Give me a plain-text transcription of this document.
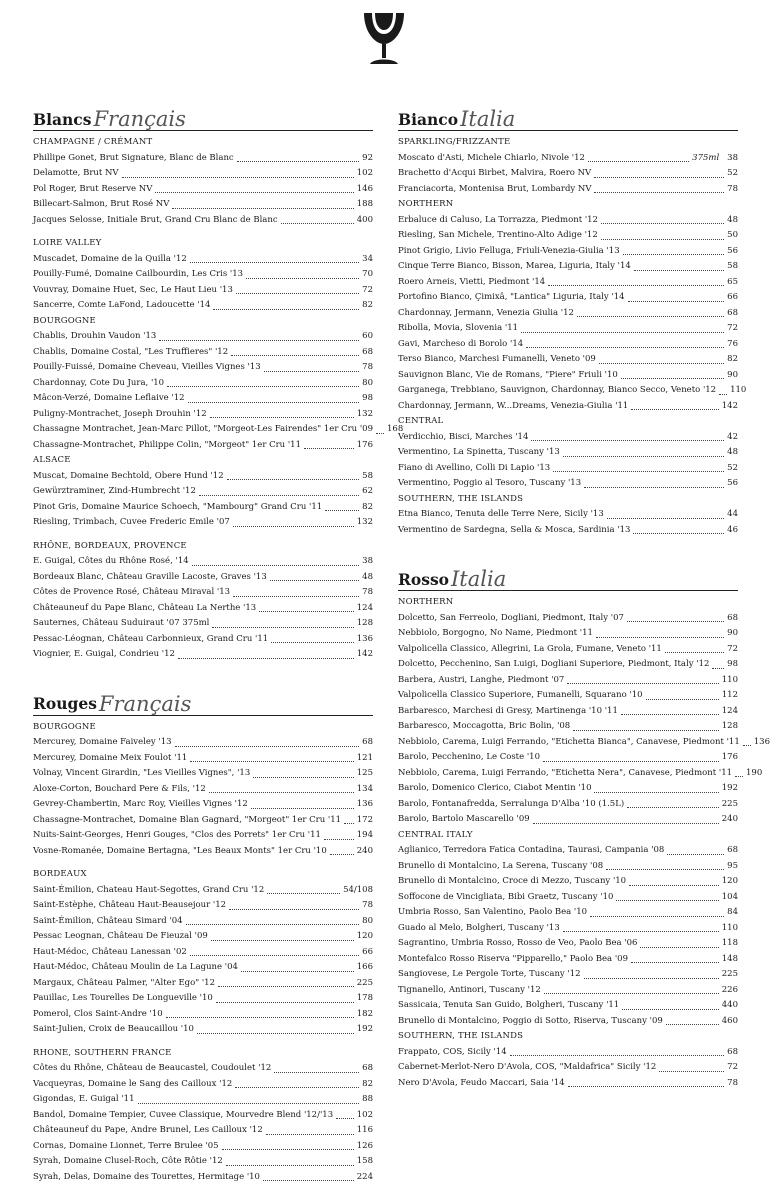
Blancs Français
CHAMPAGNE / CRÉMANT
Phillipe Gonet, Brut Signature, Blanc de Blanc	92
Delamotte, Brut NV	102
Pol Roger, Brut Reserve NV	146
Billecart-Salmon, Brut Rosé NV	188
Jacques Selosse, Initiale Brut, Grand Cru Blanc de Blanc	400
LOIRE VALLEY
Muscadet, Domaine de la Quilla '12	34
Pouilly-Fumé, Domaine Cailbourdin, Les Cris '13	70
Vouvray, Domaine Huet, Sec, Le Haut Lieu '13	72
Sancerre, Comte LaFond, Ladoucette '14	82
BOURGOGNE
Chablis, Drouhin Vaudon '13	60
Chablis, Domaine Costal, "Les Truffieres" '12	68
Pouilly-Fuissé, Domaine Cheveau, Vieilles Vignes '13	78
Chardonnay, Cote Du Jura, '10	80
Mâcon-Verzé, Domaine Leflaive '12	98
Puligny-Montrachet, Joseph Drouhin '12	132
Chassagne Montrachet, Jean-Marc Pillot, "Morgeot-Les Fairendes" 1er Cru '09 168
Chassagne-Montrachet, Philippe Colin, "Morgeot" 1er Cru '11	176
ALSACE
Muscat, Domaine Bechtold, Obere Hund '12	58
Gewürztraminer, Zind-Humbrecht '12	62
Pinot Gris, Domaine Maurice Schoech, "Mambourg" Grand Cru '11	82
Riesling, Trimbach, Cuvee Frederic Emile '07	132
RHÔNE, BORDEAUX, PROVENCE
E. Guigal, Côtes du Rhône Rosé, '14	38
Bordeaux Blanc, Château Graville Lacoste, Graves '13	48
Côtes de Provence Rosé, Château Miraval '13	78
Châteauneuf du Pape Blanc, Château La Nerthe '13	124
Sauternes, Château Suduiraut '07 375ml	128
Pessac-Léognan, Château Carbonnieux, Grand Cru '11	136
Viognier, E. Guigal, Condrieu '12	142
Rouges Français
BOURGOGNE
Mercurey, Domaine Faiveley '13	68
Mercurey, Domaine Meix Foulot '11	121
Volnay, Vincent Girardin, "Les Vieilles Vignes", '13	125
Aloxe-Corton, Bouchard Pere & Fils, '12	134
Gevrey-Chambertin, Marc Roy, Vieilles Vignes '12	136
Chassagne-Montrachet, Domaine Blan Gagnard, "Morgeot" 1er Cru '11 172
Nuits-Saint-Georges, Henri Gouges, "Clos des Porrets" 1er Cru '11	194
Vosne-Romanée, Domaine Bertagna, "Les Beaux Monts" 1er Cru '10	240
BORDEAUX
Saint-Émilion, Chateau Haut-Segottes, Grand Cru '12	54/108
Saint-Estèphe, Château Haut-Beausejour '12	78
Saint-Émilion, Château Simard '04	80
Pessac Leognan, Château De Fieuzal '09	120
Haut-Médoc, Château Lanessan '02	66
Haut-Médoc, Château Moulin de La Lagune '04	166
Margaux, Château Palmer, "Alter Ego" '12	225
Pauillac, Les Tourelles De Longueville '10	178
Pomerol, Clos Saint-Andre '10	182
Saint-Julien, Croix de Beaucaillou '10	192
RHONE, SOUTHERN FRANCE
Côtes du Rhône, Château de Beaucastel, Coudoulet '12	68
Vacqueyras, Domaine le Sang des Cailloux '12	82
Gigondas, E. Guigal '11	88
Bandol, Domaine Tempier, Cuvee Classique, Mourvedre Blend '12/'13	102
Châteauneuf du Pape, Andre Brunel, Les Cailloux '12	116
Cornas, Domaine Lionnet, Terre Brulee '05	126
Syrah, Domaine Clusel-Roch, Côte Rôtie '12	158
Syrah, Delas, Domaine des Tourettes, Hermitage '10	224
Bianco Italia
SPARKLING/FRIZZANTE
Moscato d'Asti, Michele Chiarlo, Nivole '12	375ml 38
Brachetto d'Acqui Birbet, Malvira, Roero NV	52
Franciacorta, Montenisa Brut, Lombardy NV	78
NORTHERN
Erbaluce di Caluso, La Torrazza, Piedmont '12	48
Riesling, San Michele, Trentino-Alto Adige '12	50
Pinot Grigio, Livio Felluga, Friuli-Venezia-Giulia '13	56
Cinque Terre Bianco, Bisson, Marea, Liguria, Italy '14	58
Roero Arneis, Vietti, Piedmont '14	65
Portofino Bianco, Çimixâ, "Lantica" Liguria, Italy '14	66
Chardonnay, Jermann, Venezia Giulia '12	68
Ribolla, Movia, Slovenia '11	72
Gavi, Marcheso di Borolo '14	76
Terso Bianco, Marchesi Fumanelli, Veneto '09	82
Sauvignon Blanc, Vie de Romans, "Piere" Friuli '10	90
Garganega, Trebbiano, Sauvignon, Chardonnay, Bianco Secco, Veneto '12 110
Chardonnay, Jermann, W...Dreams, Venezia-Giulia '11	142
CENTRAL
Verdicchio, Bisci, Marches '14	42
Vermentino, La Spinetta, Tuscany '13	48
Fiano di Avellino, Colli Di Lapio '13	52
Vermentino, Poggio al Tesoro, Tuscany '13	56
SOUTHERN, THE ISLANDS
Etna Bianco, Tenuta delle Terre Nere, Sicily '13	44
Vermentino de Sardegna, Sella & Mosca, Sardinia '13	46
Rosso Italia
NORTHERN
Dolcetto, San Ferreolo, Dogliani, Piedmont, Italy '07	68
Nebbiolo, Borgogno, No Name, Piedmont '11	90
Valpolicella Classico, Allegrini, La Grola, Fumane, Veneto '11	72
Dolcetto, Pecchenino, San Luigi, Dogliani Superiore, Piedmont, Italy '12 98
Barbera, Austri, Langhe, Piedmont '07	110
Valpolicella Classico Superiore, Fumanelli, Squarano '10	112
Barbaresco, Marchesi di Gresy, Martinenga '10 '11	124
Barbaresco, Moccagotta, Bric Bolin, '08	128
Nebbiolo, Carema, Luigi Ferrando, "Etichetta Bianca", Canavese, Piedmont '11 136
Barolo, Pecchenino, Le Coste '10	176
Nebbiolo, Carema, Luigi Ferrando, "Etichetta Nera", Canavese, Piedmont '11 190
Barolo, Domenico Clerico, Ciabot Mentin '10	192
Barolo, Fontanafredda, Serralunga D'Alba '10 (1.5L)	225
Barolo, Bartolo Mascarello '09	240
CENTRAL ITALY
Aglianico, Terredora Fatica Contadina, Taurasi, Campania '08	68
Brunello di Montalcino, La Serena, Tuscany '08	95
Brunello di Montalcino, Croce di Mezzo, Tuscany '10	120
Soffocone de Vincigliata, Bibi Graetz, Tuscany '10	104
Umbria Rosso, San Valentino, Paolo Bea '10	84
Guado al Melo, Bolgheri, Tuscany '13	110
Sagrantino, Umbria Rosso, Rosso de Veo, Paolo Bea '06	118
Montefalco Rosso Riserva "Pipparello," Paolo Bea '09	148
Sangiovese, Le Pergole Torte, Tuscany '12	225
Tignanello, Antinori, Tuscany '12	226
Sassicaia, Tenuta San Guido, Bolgheri, Tuscany '11	440
Brunello di Montalcino, Poggio di Sotto, Riserva, Tuscany '09	460
SOUTHERN, THE ISLANDS
Frappato, COS, Sicily '14	68
Cabernet-Merlot-Nero D'Avola, COS, "Maldafrica" Sicily '12	72
Nero D'Avola, Feudo Maccari, Saia '14	78
